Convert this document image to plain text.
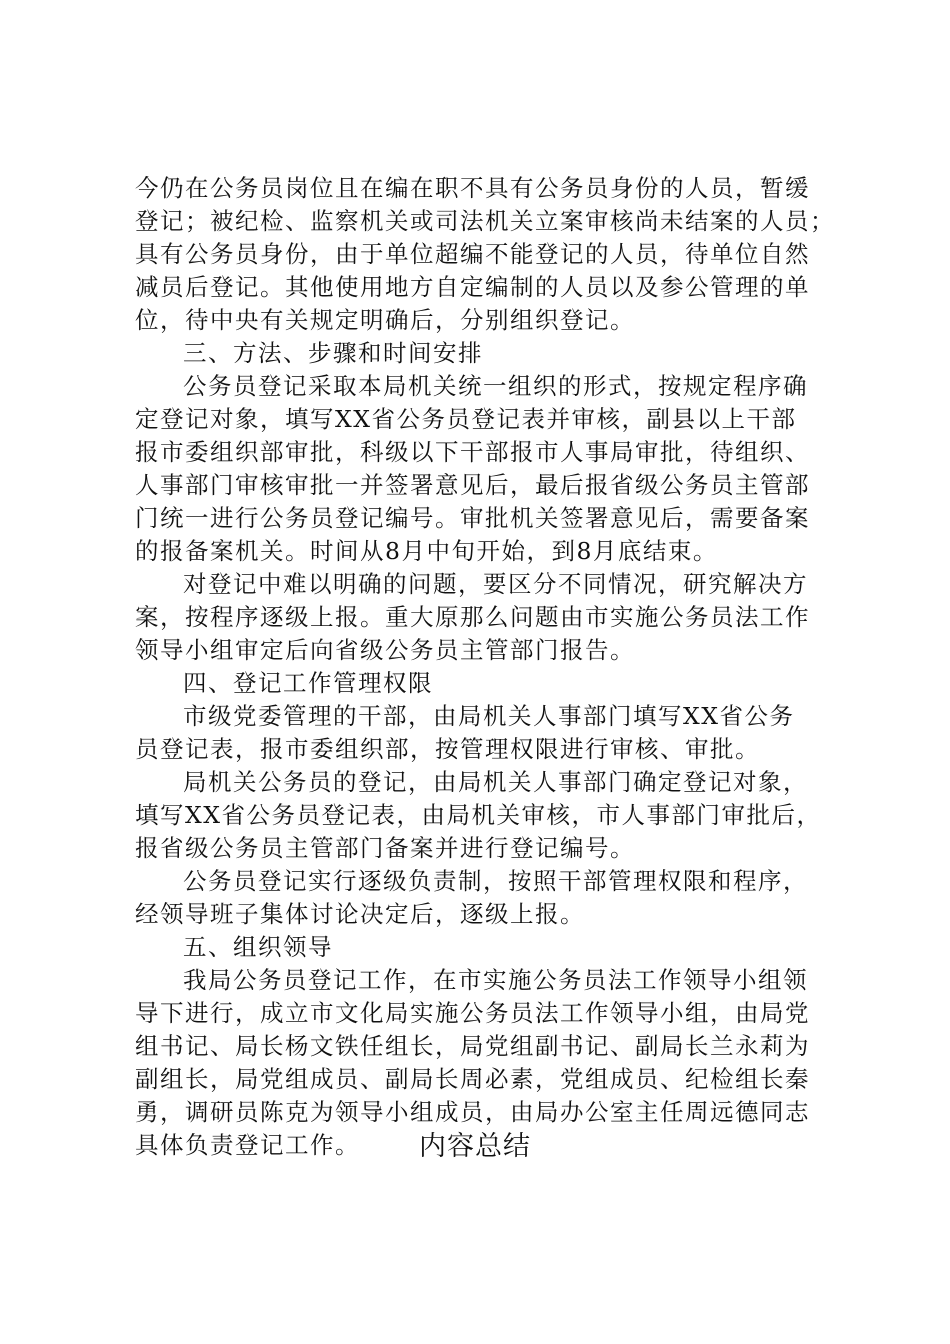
今仍在公务员岗位且在编在职不具有公务员身份的人员，暂缓
登记；被纪检、监察机关或司法机关立案审核尚未结案的人员；
具有公务员身份，由于单位超编不能登记的人员，待单位自然
减员后登记。其他使用地方自定编制的人员以及参公管理的单
位，待中央有关规定明确后，分别组织登记。
三、方法、步骤和时间安排
公务员登记采取本局机关统一组织的形式，按规定程序确
定登记对象，填写XX省公务员登记表并审核，副县以上干部
报市委组织部审批，科级以下干部报市人事局审批，待组织、
人事部门审核审批一并签署意见后，最后报省级公务员主管部
门统一进行公务员登记编号。审批机关签署意见后，需要备案
的报备案机关。时间从8月中旬开始，到8月底结束。
对登记中难以明确的问题，要区分不同情况，研究解决方
案，按程序逐级上报。重大原那么问题由市实施公务员法工作
领导小组审定后向省级公务员主管部门报告。
四、登记工作管理权限
市级党委管理的干部，由局机关人事部门填写XX省公务
员登记表，报市委组织部，按管理权限进行审核、审批。
局机关公务员的登记，由局机关人事部门确定登记对象，
填写XX省公务员登记表，由局机关审核，市人事部门审批后，
报省级公务员主管部门备案并进行登记编号。
公务员登记实行逐级负责制，按照干部管理权限和程序，
经领导班子集体讨论决定后，逐级上报。
五、组织领导
我局公务员登记工作，在市实施公务员法工作领导小组领
导下进行，成立市文化局实施公务员法工作领导小组，由局党
组书记、局长杨文铁任组长，局党组副书记、副局长兰永莉为
副组长，局党组成员、副局长周必素，党组成员、纪检组长秦
勇，调研员陈克为领导小组成员，由局办公室主任周远德同志
具体负责登记工作。	内容总结
